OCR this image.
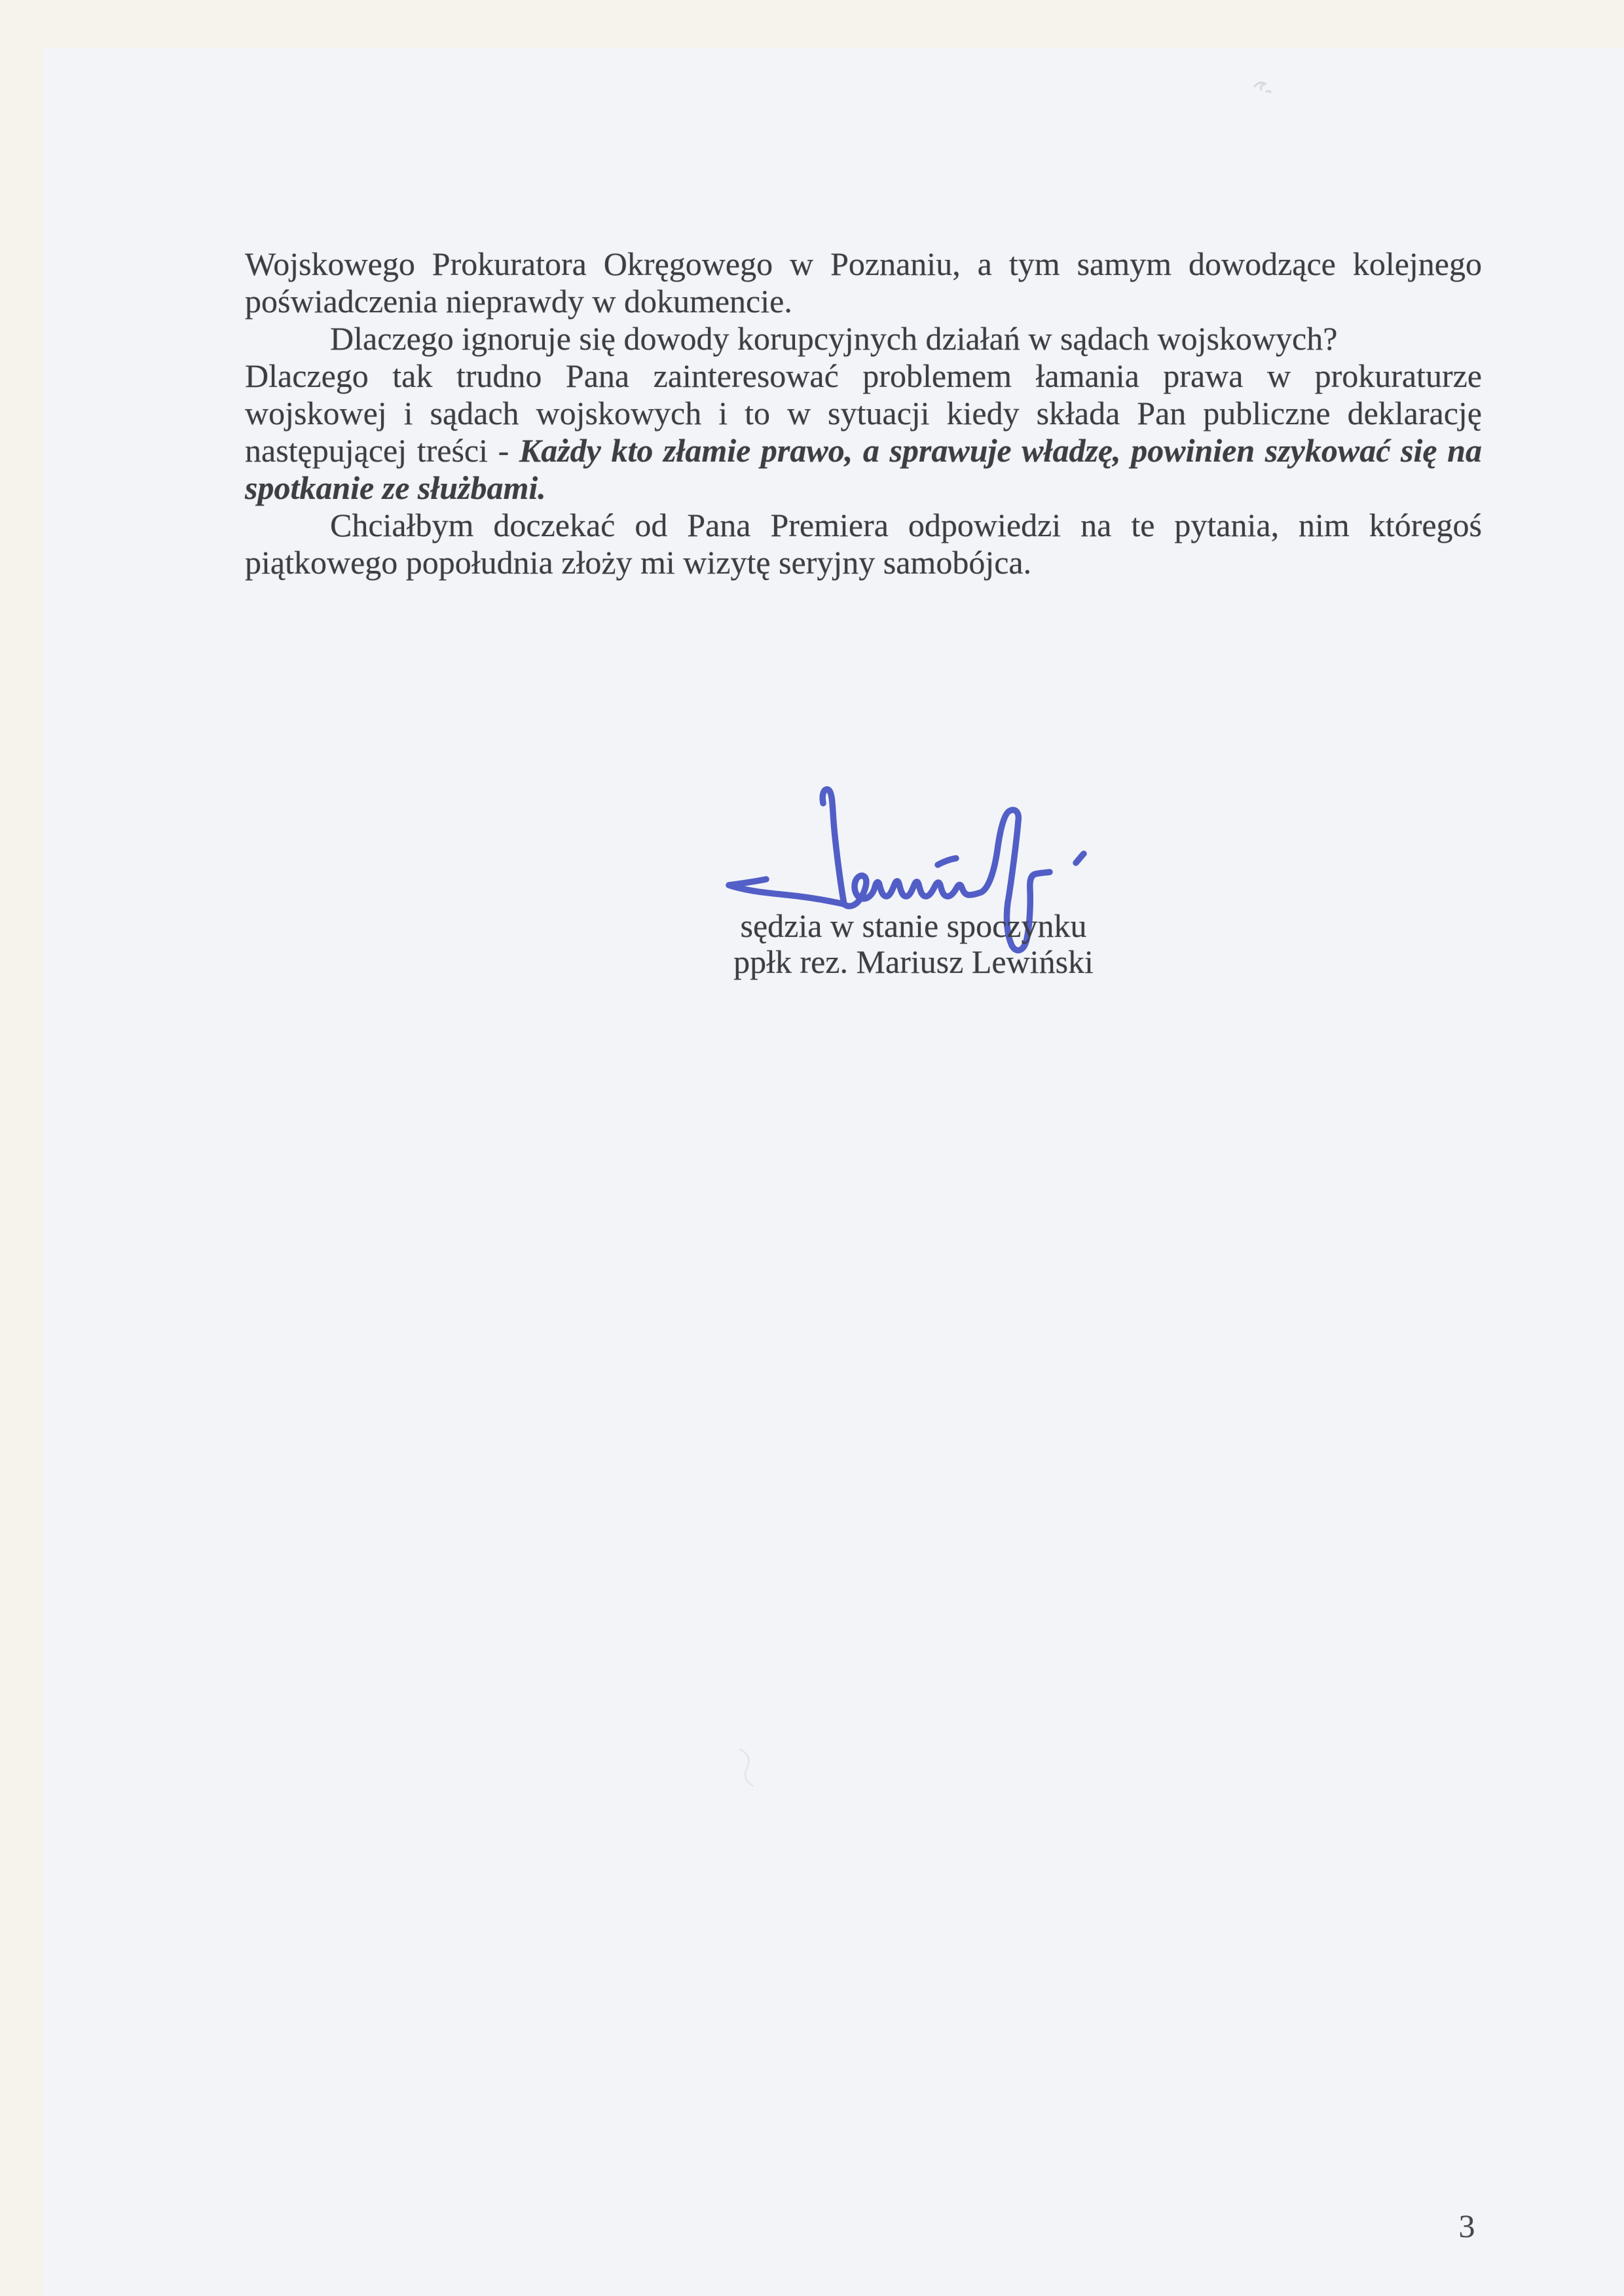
Wojskowego Prokuratora Okręgowego w Poznaniu, a tym samym dowodzące kolejnego
poświadczenia nieprawdy w dokumencie.
Dlaczego ignoruje się dowody korupcyjnych działań w sądach wojskowych?
Dlaczego tak trudno Pana zainteresować problemem łamania prawa w prokuraturze
wojskowej i sądach wojskowych i to w sytuacji kiedy składa Pan publiczne deklarację
następującej treści - Każdy kto złamie prawo, a sprawuje władzę, powinien szykować się na
spotkanie ze służbami.
Chciałbym doczekać od Pana Premiera odpowiedzi na te pytania, nim któregoś
piątkowego popołudnia złoży mi wizytę seryjny samobójca.
sędzia w stanie spoczynku
ppłk rez. Mariusz Lewiński
3
